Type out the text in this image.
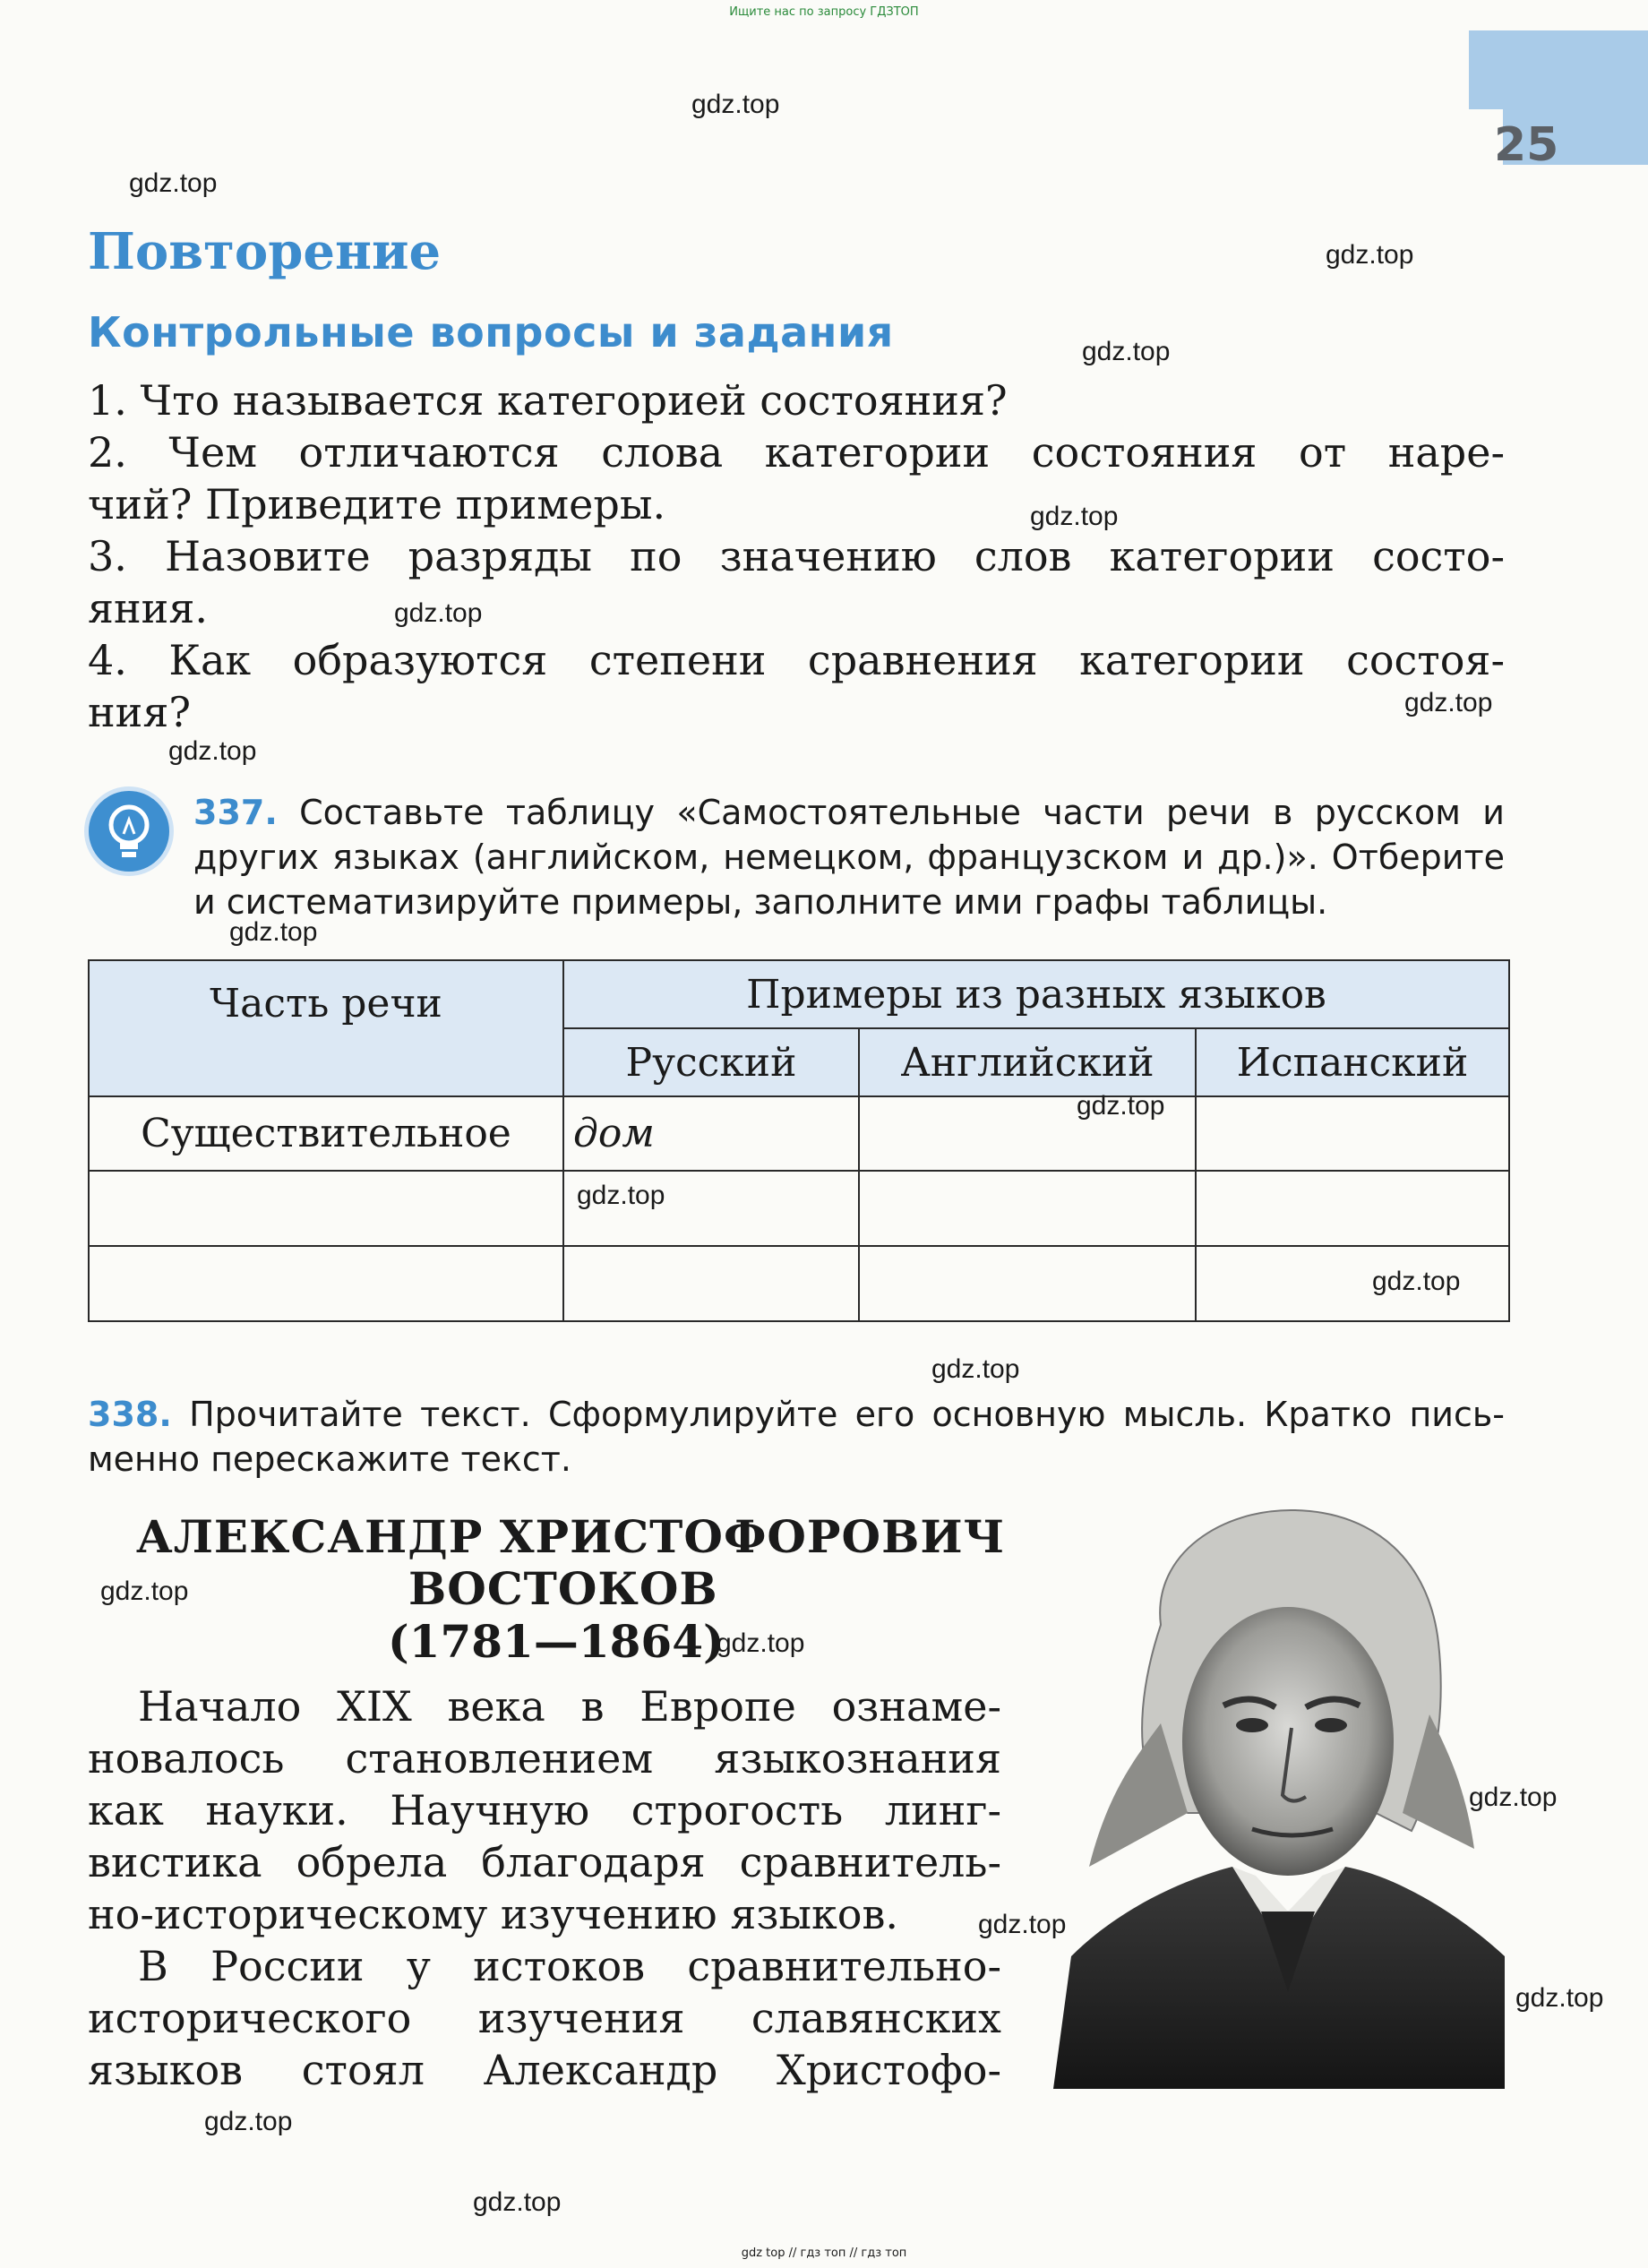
Ищите нас по запросу ГДЗТОП
25
Повторение
Контрольные вопросы и задания
1. Что называется категорией состояния?
2. Чем отличаются слова категории состояния от наре-
чий? Приведите примеры.
3. Назовите разряды по значению слов категории состо-
яния.
4. Как образуются степени сравнения категории состоя-
ния?
337. Составьте таблицу «Самостоятельные части речи в русском и
других языках (английском, немецком, французском и др.)». Отберите
и систематизируйте примеры, заполните ими графы таблицы.
Часть речи	Примеры из разных языков		
	Русский	Английский	Испанский
Существительное	дом		

338. Прочитайте текст. Сформулируйте его основную мысль. Кратко пись-
менно перескажите текст.
АЛЕКСАНДР ХРИСТОФОРОВИЧ
ВОСТОКОВ
(1781—1864)
Начало XIX века в Европе ознаме-
новалось становлением языкознания
как науки. Научную строгость линг-
вистика обрела благодаря сравнитель-
но-историческому изучению языков.
В России у истоков сравнительно-
исторического изучения славянских
языков стоял Александр Христофо-
gdz.top
gdz.top
gdz.top
gdz.top
gdz.top
gdz.top
gdz.top
gdz.top
gdz.top
gdz.top
gdz.top
gdz.top
gdz.top
gdz.top
gdz.top
gdz.top
gdz.top
gdz.top
gdz.top
gdz.top
gdz top // гдз топ // гдз топ
